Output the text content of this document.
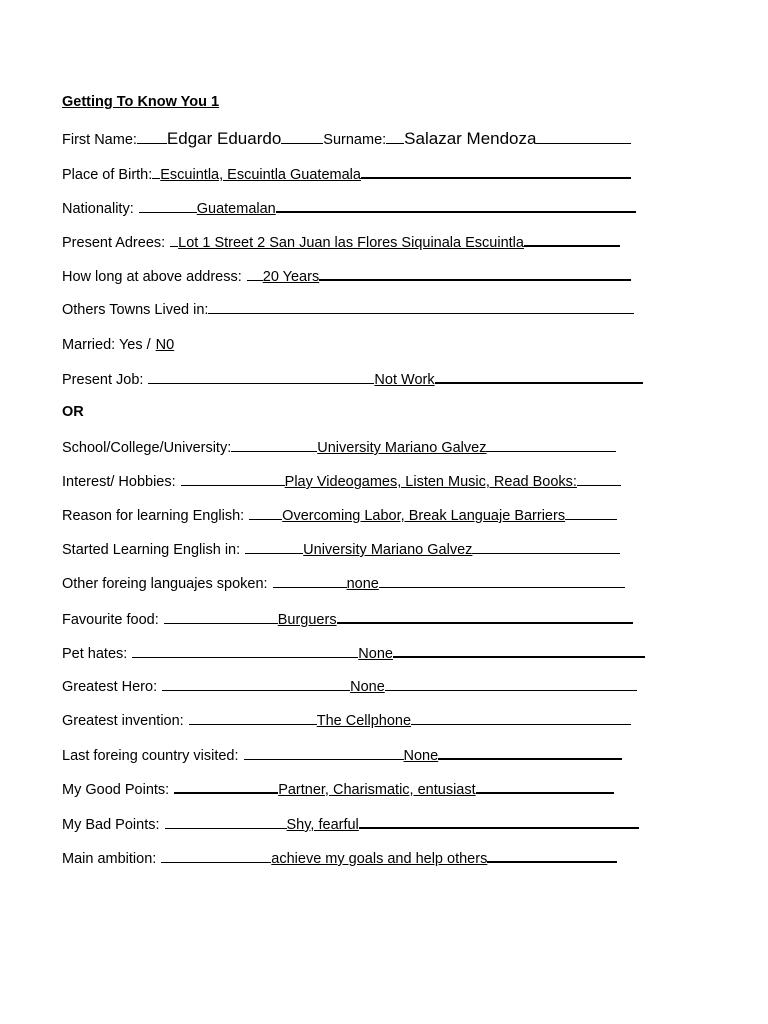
Getting To Know You 1
First Name: Edgar Eduardo	Surname: Salazar Mendoza
Place of Birth: Escuintla, Escuintla Guatemala
Nationality:	Guatemalan
Present Adrees: Lot 1 Street 2 San Juan las Flores Siquinala Escuintla
How long at above address: 20 Years
Others Towns Lived in:
Married: Yes / N0
Present Job:	Not Work
OR
School/College/University:	University Mariano Galvez
Interest/ Hobbies:	Play Videogames, Listen Music, Read Books:
Reason for learning English:	Overcoming Labor, Break Languaje Barriers
Started Learning English in:	University Mariano Galvez
Other foreing languajes spoken:	none
Favourite food:	Burguers
Pet hates:	None
Greatest Hero:	None
Greatest invention:	The Cellphone
Last foreing country visited:	None
My Good Points:	Partner, Charismatic, entusiast
My Bad Points:	Shy, fearful
Main ambition:	achieve my goals and help others
